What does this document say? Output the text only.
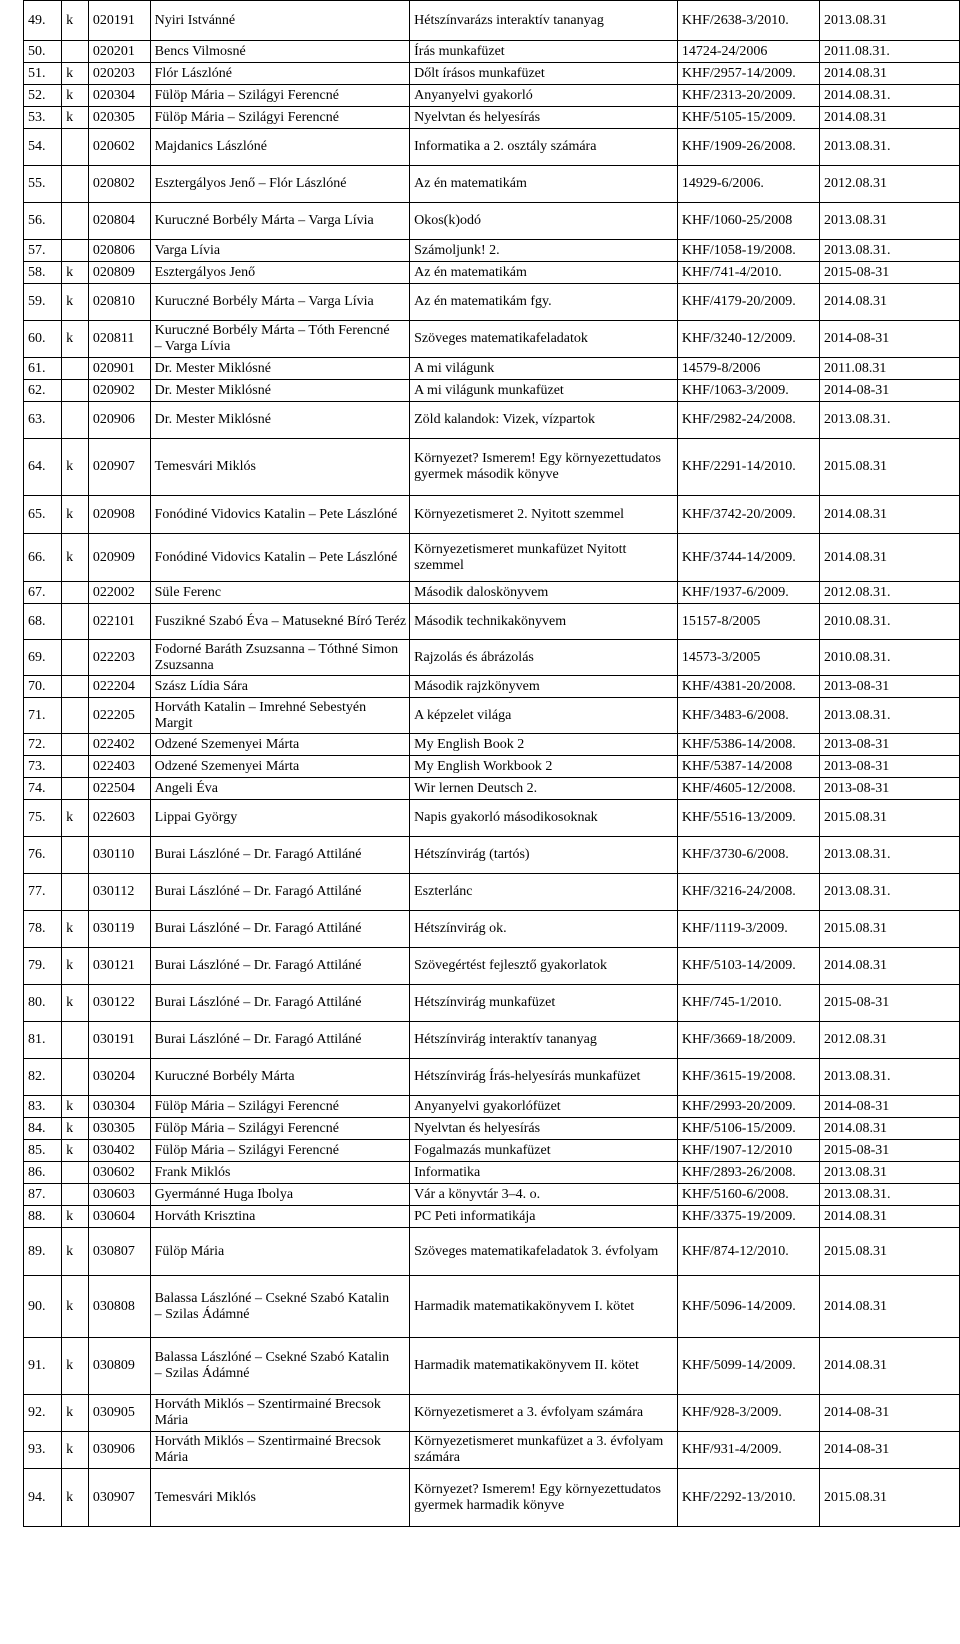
49.	k	020191	Nyiri Istvánné	Hétszínvarázs interaktív tananyag	KHF/2638-3/2010.	2013.08.31
50.		020201	Bencs Vilmosné	Írás munkafüzet	14724-24/2006	2011.08.31.
51.	k	020203	Flór Lászlóné	Dőlt írásos munkafüzet	KHF/2957-14/2009.	2014.08.31
52.	k	020304	Fülöp Mária – Szilágyi Ferencné	Anyanyelvi gyakorló	KHF/2313-20/2009.	2014.08.31.
53.	k	020305	Fülöp Mária – Szilágyi Ferencné	Nyelvtan és helyesírás	KHF/5105-15/2009.	2014.08.31
54.		020602	Majdanics Lászlóné	Informatika a 2. osztály számára	KHF/1909-26/2008.	2013.08.31.
55.		020802	Esztergályos Jenő – Flór Lászlóné	Az én matematikám	14929-6/2006.	2012.08.31
56.		020804	Kuruczné Borbély Márta – Varga Lívia	Okos(k)odó	KHF/1060-25/2008	2013.08.31
57.		020806	Varga Lívia	Számoljunk! 2.	KHF/1058-19/2008.	2013.08.31.
58.	k	020809	Esztergályos Jenő	Az én matematikám	KHF/741-4/2010.	2015-08-31
59.	k	020810	Kuruczné Borbély Márta – Varga Lívia	Az én matematikám fgy.	KHF/4179-20/2009.	2014.08.31
60.	k	020811	Kuruczné Borbély Márta – Tóth Ferencné
– Varga Lívia	Szöveges matematikafeladatok	KHF/3240-12/2009.	2014-08-31
61.		020901	Dr. Mester Miklósné	A mi világunk	14579-8/2006	2011.08.31
62.		020902	Dr. Mester Miklósné	A mi világunk munkafüzet	KHF/1063-3/2009.	2014-08-31
63.		020906	Dr. Mester Miklósné	Zöld kalandok: Vizek, vízpartok	KHF/2982-24/2008.	2013.08.31.
64.	k	020907	Temesvári Miklós	Környezet? Ismerem! Egy környezettudatos gyermek második könyve	KHF/2291-14/2010.	2015.08.31
65.	k	020908	Fonódiné Vidovics Katalin – Pete Lászlóné	Környezetismeret 2. Nyitott szemmel	KHF/3742-20/2009.	2014.08.31
66.	k	020909	Fonódiné Vidovics Katalin – Pete Lászlóné	Környezetismeret munkafüzet Nyitott szemmel	KHF/3744-14/2009.	2014.08.31
67.		022002	Süle Ferenc	Második daloskönyvem	KHF/1937-6/2009.	2012.08.31.
68.		022101	Fuszikné Szabó Éva – Matusekné Bíró Teréz	Második technikakönyvem	15157-8/2005	2010.08.31.
69.		022203	Fodorné Baráth Zsuzsanna – Tóthné Simon Zsuzsanna	Rajzolás és ábrázolás	14573-3/2005	2010.08.31.
70.		022204	Szász Lídia Sára	Második rajzkönyvem	KHF/4381-20/2008.	2013-08-31
71.		022205	Horváth Katalin – Imrehné Sebestyén Margit	A képzelet világa	KHF/3483-6/2008.	2013.08.31.
72.		022402	Odzené Szemenyei Márta	My English Book 2	KHF/5386-14/2008.	2013-08-31
73.		022403	Odzené Szemenyei Márta	My English Workbook 2	KHF/5387-14/2008	2013-08-31
74.		022504	Angeli Éva	Wir lernen Deutsch 2.	KHF/4605-12/2008.	2013-08-31
75.	k	022603	Lippai György	Napis gyakorló másodikosoknak	KHF/5516-13/2009.	2015.08.31
76.		030110	Burai Lászlóné – Dr. Faragó Attiláné	Hétszínvirág (tartós)	KHF/3730-6/2008.	2013.08.31.
77.		030112	Burai Lászlóné – Dr. Faragó Attiláné	Eszterlánc	KHF/3216-24/2008.	2013.08.31.
78.	k	030119	Burai Lászlóné – Dr. Faragó Attiláné	Hétszínvirág ok.	KHF/1119-3/2009.	2015.08.31
79.	k	030121	Burai Lászlóné – Dr. Faragó Attiláné	Szövegértést fejlesztő gyakorlatok	KHF/5103-14/2009.	2014.08.31
80.	k	030122	Burai Lászlóné – Dr. Faragó Attiláné	Hétszínvirág munkafüzet	KHF/745-1/2010.	2015-08-31
81.		030191	Burai Lászlóné – Dr. Faragó Attiláné	Hétszínvirág interaktív tananyag	KHF/3669-18/2009.	2012.08.31
82.		030204	Kuruczné Borbély Márta	Hétszínvirág Írás-helyesírás munkafüzet	KHF/3615-19/2008.	2013.08.31.
83.	k	030304	Fülöp Mária – Szilágyi Ferencné	Anyanyelvi gyakorlófüzet	KHF/2993-20/2009.	2014-08-31
84.	k	030305	Fülöp Mária – Szilágyi Ferencné	Nyelvtan és helyesírás	KHF/5106-15/2009.	2014.08.31
85.	k	030402	Fülöp Mária – Szilágyi Ferencné	Fogalmazás munkafüzet	KHF/1907-12/2010	2015-08-31
86.		030602	Frank Miklós	Informatika	KHF/2893-26/2008.	2013.08.31
87.		030603	Gyermánné Huga Ibolya	Vár a könyvtár 3–4. o.	KHF/5160-6/2008.	2013.08.31.
88.	k	030604	Horváth Krisztina	PC Peti informatikája	KHF/3375-19/2009.	2014.08.31
89.	k	030807	Fülöp Mária	Szöveges matematikafeladatok 3. évfolyam	KHF/874-12/2010.	2015.08.31
90.	k	030808	Balassa Lászlóné – Csekné Szabó Katalin
– Szilas Ádámné	Harmadik matematikakönyvem I. kötet	KHF/5096-14/2009.	2014.08.31
91.	k	030809	Balassa Lászlóné – Csekné Szabó Katalin
– Szilas Ádámné	Harmadik matematikakönyvem II. kötet	KHF/5099-14/2009.	2014.08.31
92.	k	030905	Horváth Miklós – Szentirmainé Brecsok Mária	Környezetismeret a 3. évfolyam számára	KHF/928-3/2009.	2014-08-31
93.	k	030906	Horváth Miklós – Szentirmainé Brecsok Mária	Környezetismeret munkafüzet a 3. évfolyam számára	KHF/931-4/2009.	2014-08-31
94.	k	030907	Temesvári Miklós	Környezet? Ismerem! Egy környezettudatos gyermek harmadik könyve	KHF/2292-13/2010.	2015.08.31
